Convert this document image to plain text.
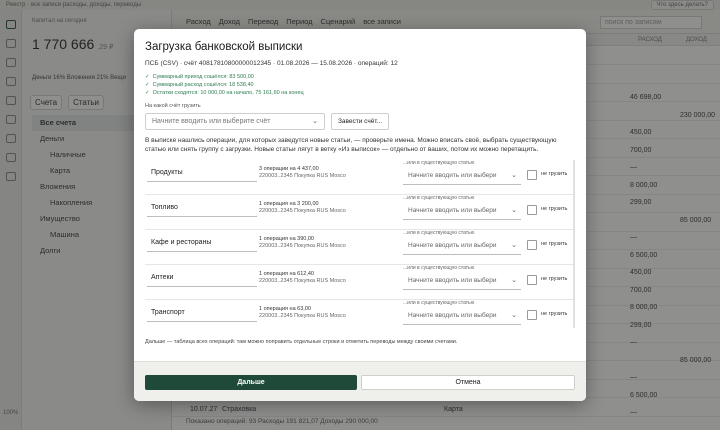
Загрузка банковской выписки
ПСБ (CSV) · счёт 40817810800000012345 · 01.08.2026 — 15.08.2026 · операций: 12
✓ Суммарный приход сошёлся: 83 500,00
✓ Суммарный расход сошёлся: 18 538,40
✓ Остатки сходятся: 10 000,00 на начало, 75 161,60 на конец
На какой счёт грузить
Начните вводить или выберите счёт	⌄	Завести счёт...
В выписке нашлись операции, для которых заведутся новые статьи, — проверьте имена. Можно вписать своё, выбрать существующую статью или снять группу с загрузки. Новые статьи лягут в ветку «Из выписок» — отдельно от ваших, потом их можно перетащить.
Продукты	3 операции на 4 437,00
220003..2345 Покупка RUS Mosco
...или в существующую статью
Начните вводить или выбери ⌄	не грузить
Топливо	1 операция на 3 200,00
220003..2345 Покупка RUS Mosco
...или в существующую статью
Начните вводить или выбери ⌄	не грузить
Кафе и рестораны	1 операция на 390,00
220003..2345 Покупка RUS Mosco
...или в существующую статью
Начните вводить или выбери ⌄	не грузить
Аптеки	1 операция на 612,40
220003..2345 Покупка RUS Mosco
...или в существующую статью
Начните вводить или выбери ⌄	не грузить
Транспорт	1 операция на 63,00
220003..2345 Покупка RUS Mosco
...или в существующую статью
Начните вводить или выбери ⌄	не грузить
Дальше — таблица всех операций: там можно поправить отдельные строки и отметить переводы между своими счетами.
Дальше	Отмена
